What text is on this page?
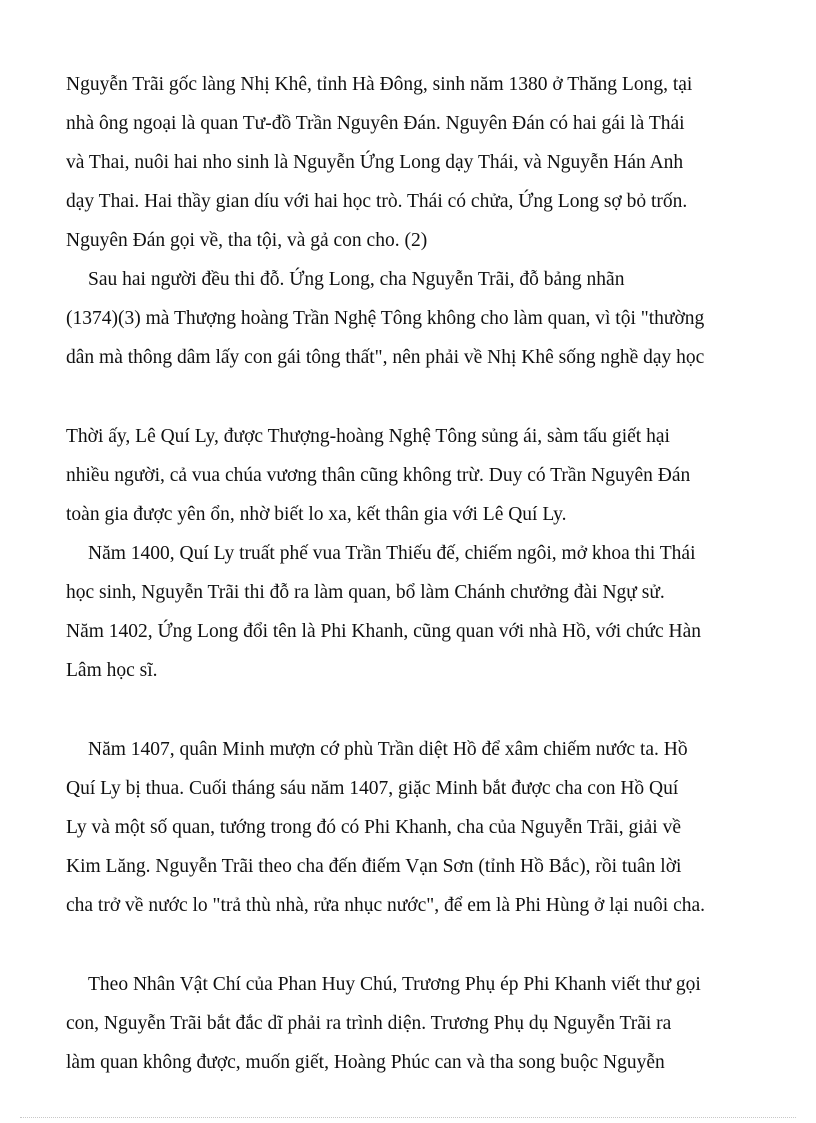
Nguyễn Trãi gốc làng Nhị Khê, tỉnh Hà Đông, sinh năm 1380 ở Thăng Long, tại
nhà ông ngoại là quan Tư-đồ Trần Nguyên Đán. Nguyên Đán có hai gái là Thái
và Thai, nuôi hai nho sinh là Nguyễn Ứng Long dạy Thái, và Nguyễn Hán Anh
dạy Thai. Hai thầy gian díu với hai học trò. Thái có chửa, Ứng Long sợ bỏ trốn.
Nguyên Đán gọi về, tha tội, và gả con cho. (2)
Sau hai người đều thi đỗ. Ứng Long, cha Nguyễn Trãi, đỗ bảng nhãn
(1374)(3) mà Thượng hoàng Trần Nghệ Tông không cho làm quan, vì tội "thường
dân mà thông dâm lấy con gái tông thất", nên phải về Nhị Khê sống nghề dạy học
Thời ấy, Lê Quí Ly, được Thượng-hoàng Nghệ Tông sủng ái, sàm tấu giết hại
nhiều người, cả vua chúa vương thân cũng không trừ. Duy có Trần Nguyên Đán
toàn gia được yên ổn, nhờ biết lo xa, kết thân gia với Lê Quí Ly.
Năm 1400, Quí Ly truất phế vua Trần Thiếu đế, chiếm ngôi, mở khoa thi Thái
học sinh, Nguyễn Trãi thi đỗ ra làm quan, bổ làm Chánh chưởng đài Ngự sử.
Năm 1402, Ứng Long đổi tên là Phi Khanh, cũng quan với nhà Hồ, với chức Hàn
Lâm học sĩ.
Năm 1407, quân Minh mượn cớ phù Trần diệt Hồ để xâm chiếm nước ta. Hồ
Quí Ly bị thua. Cuối tháng sáu năm 1407, giặc Minh bắt được cha con Hồ Quí
Ly và một số quan, tướng trong đó có Phi Khanh, cha của Nguyễn Trãi, giải về
Kim Lăng. Nguyễn Trãi theo cha đến điếm Vạn Sơn (tỉnh Hồ Bắc), rồi tuân lời
cha trở về nước lo "trả thù nhà, rửa nhục nước", để em là Phi Hùng ở lại nuôi cha.
Theo Nhân Vật Chí của Phan Huy Chú, Trương Phụ ép Phi Khanh viết thư gọi
con, Nguyễn Trãi bắt đắc dĩ phải ra trình diện. Trương Phụ dụ Nguyễn Trãi ra
làm quan không được, muốn giết, Hoàng Phúc can và tha song buộc Nguyễn
